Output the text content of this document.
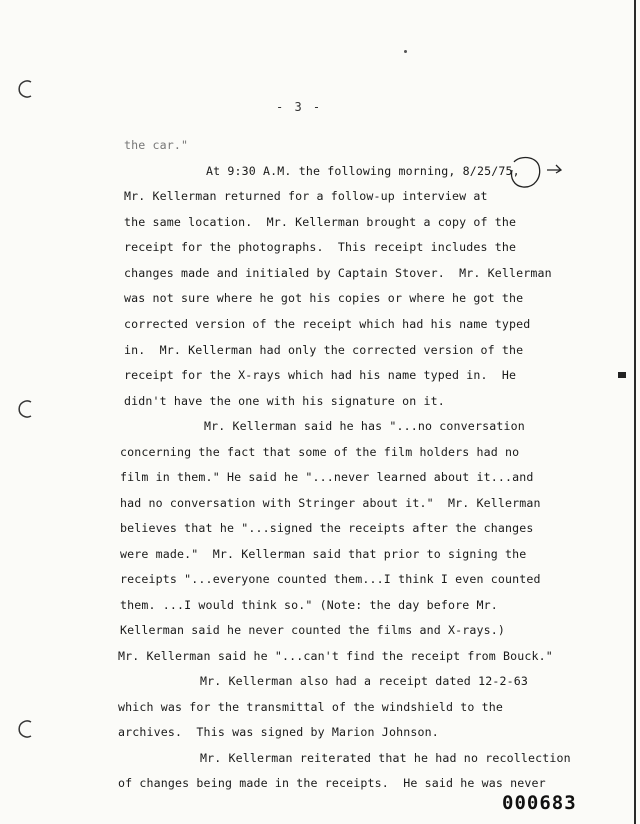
- 3 -
the car."
At 9:30 A.M. the following morning, 8/25/75,
Mr. Kellerman returned for a follow-up interview at
the same location.  Mr. Kellerman brought a copy of the
receipt for the photographs.  This receipt includes the
changes made and initialed by Captain Stover.  Mr. Kellerman
was not sure where he got his copies or where he got the
corrected version of the receipt which had his name typed
in.  Mr. Kellerman had only the corrected version of the
receipt for the X-rays which had his name typed in.  He
didn't have the one with his signature on it.
Mr. Kellerman said he has "...no conversation
concerning the fact that some of the film holders had no
film in them." He said he "...never learned about it...and
had no conversation with Stringer about it."  Mr. Kellerman
believes that he "...signed the receipts after the changes
were made."  Mr. Kellerman said that prior to signing the
receipts "...everyone counted them...I think I even counted
them. ...I would think so." (Note: the day before Mr.
Kellerman said he never counted the films and X-rays.)
Mr. Kellerman said he "...can't find the receipt from Bouck."
Mr. Kellerman also had a receipt dated 12-2-63
which was for the transmittal of the windshield to the
archives.  This was signed by Marion Johnson.
Mr. Kellerman reiterated that he had no recollection
of changes being made in the receipts.  He said he was never
000683
